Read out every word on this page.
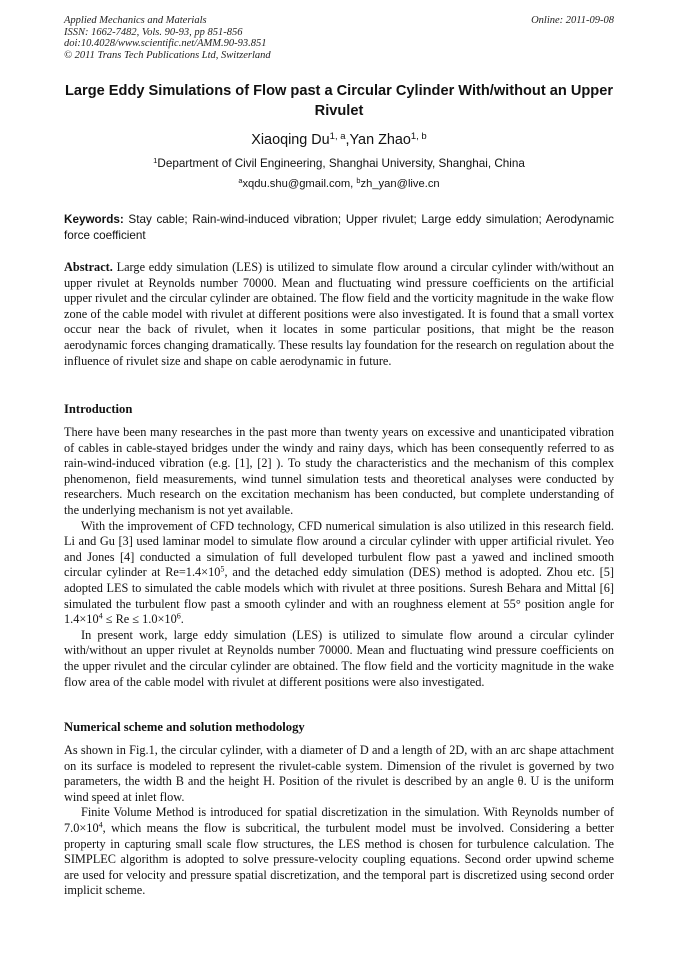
Applied Mechanics and Materials
ISSN: 1662-7482, Vols. 90-93, pp 851-856
doi:10.4028/www.scientific.net/AMM.90-93.851
© 2011 Trans Tech Publications Ltd, Switzerland
Online: 2011-09-08
Large Eddy Simulations of Flow past a Circular Cylinder With/without an Upper Rivulet
Xiaoqing Du$^{1, a}$,Yan Zhao$^{1, b}$
$^1$Department of Civil Engineering, Shanghai University, Shanghai, China
$^a$xqdu.shu@gmail.com, $^b$zh_yan@live.cn
Keywords: Stay cable; Rain-wind-induced vibration; Upper rivulet; Large eddy simulation; Aerodynamic force coefficient
Abstract. Large eddy simulation (LES) is utilized to simulate flow around a circular cylinder with/without an upper rivulet at Reynolds number 70000. Mean and fluctuating wind pressure coefficients on the artificial upper rivulet and the circular cylinder are obtained. The flow field and the vorticity magnitude in the wake flow zone of the cable model with rivulet at different positions were also investigated. It is found that a small vortex occur near the back of rivulet, when it locates in some particular positions, that might be the reason aerodynamic forces changing dramatically. These results lay foundation for the research on regulation about the influence of rivulet size and shape on cable aerodynamic in future.
Introduction

There have been many researches in the past more than twenty years on excessive and unanticipated vibration of cables in cable-stayed bridges under the windy and rainy days, which has been consequently referred to as rain-wind-induced vibration (e.g. [1], [2] ). To study the characteristics and the mechanism of this complex phenomenon, field measurements, wind tunnel simulation tests and theoretical analyses were conducted by researchers. Much research on the excitation mechanism has been conducted, but complete understanding of the underlying mechanism is not yet available.

With the improvement of CFD technology, CFD numerical simulation is also utilized in this research field. Li and Gu [3] used laminar model to simulate flow around a circular cylinder with upper artificial rivulet. Yeo and Jones [4] conducted a simulation of full developed turbulent flow past a yawed and inclined smooth circular cylinder at $Re=1.4\times 10^5$, and the detached eddy simulation (DES) method is adopted. Zhou etc. [5] adopted LES to simulated the cable models which with rivulet at three positions. Suresh Behara and Mittal [6] simulated the turbulent flow past a smooth cylinder and with an roughness element at 55° position angle for $1.4\times 10^4 \le Re \le 1.0\times 10^6$.

In present work, large eddy simulation (LES) is utilized to simulate flow around a circular cylinder with/without an upper rivulet at Reynolds number 70000. Mean and fluctuating wind pressure coefficients on the upper rivulet and the circular cylinder are obtained. The flow field and the vorticity magnitude in the wake flow area of the cable model with rivulet at different positions were also investigated.

Numerical scheme and solution methodology

As shown in Fig.1, the circular cylinder, with a diameter of D and a length of 2D, with an arc shape attachment on its surface is modeled to represent the rivulet-cable system. Dimension of the rivulet is governed by two parameters, the width B and the height H. Position of the rivulet is described by an angle θ. U is the uniform wind speed at inlet flow.

Finite Volume Method is introduced for spatial discretization in the simulation. With Reynolds number of $7.0\times 10^4$, which means the flow is subcritical, the turbulent model must be involved. Considering a better property in capturing small scale flow structures, the LES method is chosen for turbulence calculation. The SIMPLEC algorithm is adopted to solve pressure-velocity coupling equations. Second order upwind scheme are used for velocity and pressure spatial discretization, and the temporal part is discretized using second order implicit scheme.
